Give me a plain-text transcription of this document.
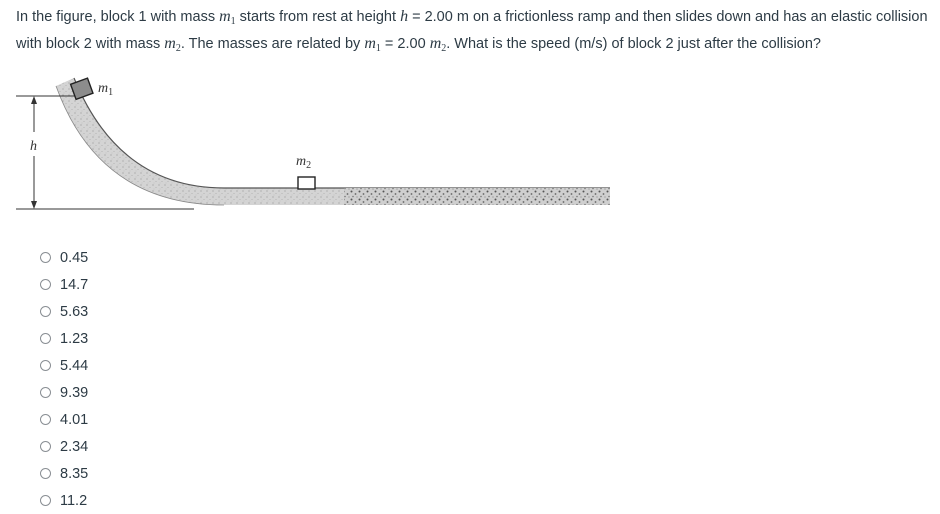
In the figure, block 1 with mass $m_1$ starts from rest at height h = 2.00 m on a frictionless ramp and then slides down and has an elastic collision with block 2 with mass $m_2$. The masses are related by $m_1 = 2.00$ $m_2$. What is the speed (m/s) of block 2 just after the collision?
h
$m_1$
$m_2$
0.45
14.7
5.63
1.23
5.44
9.39
4.01
2.34
8.35
11.2
